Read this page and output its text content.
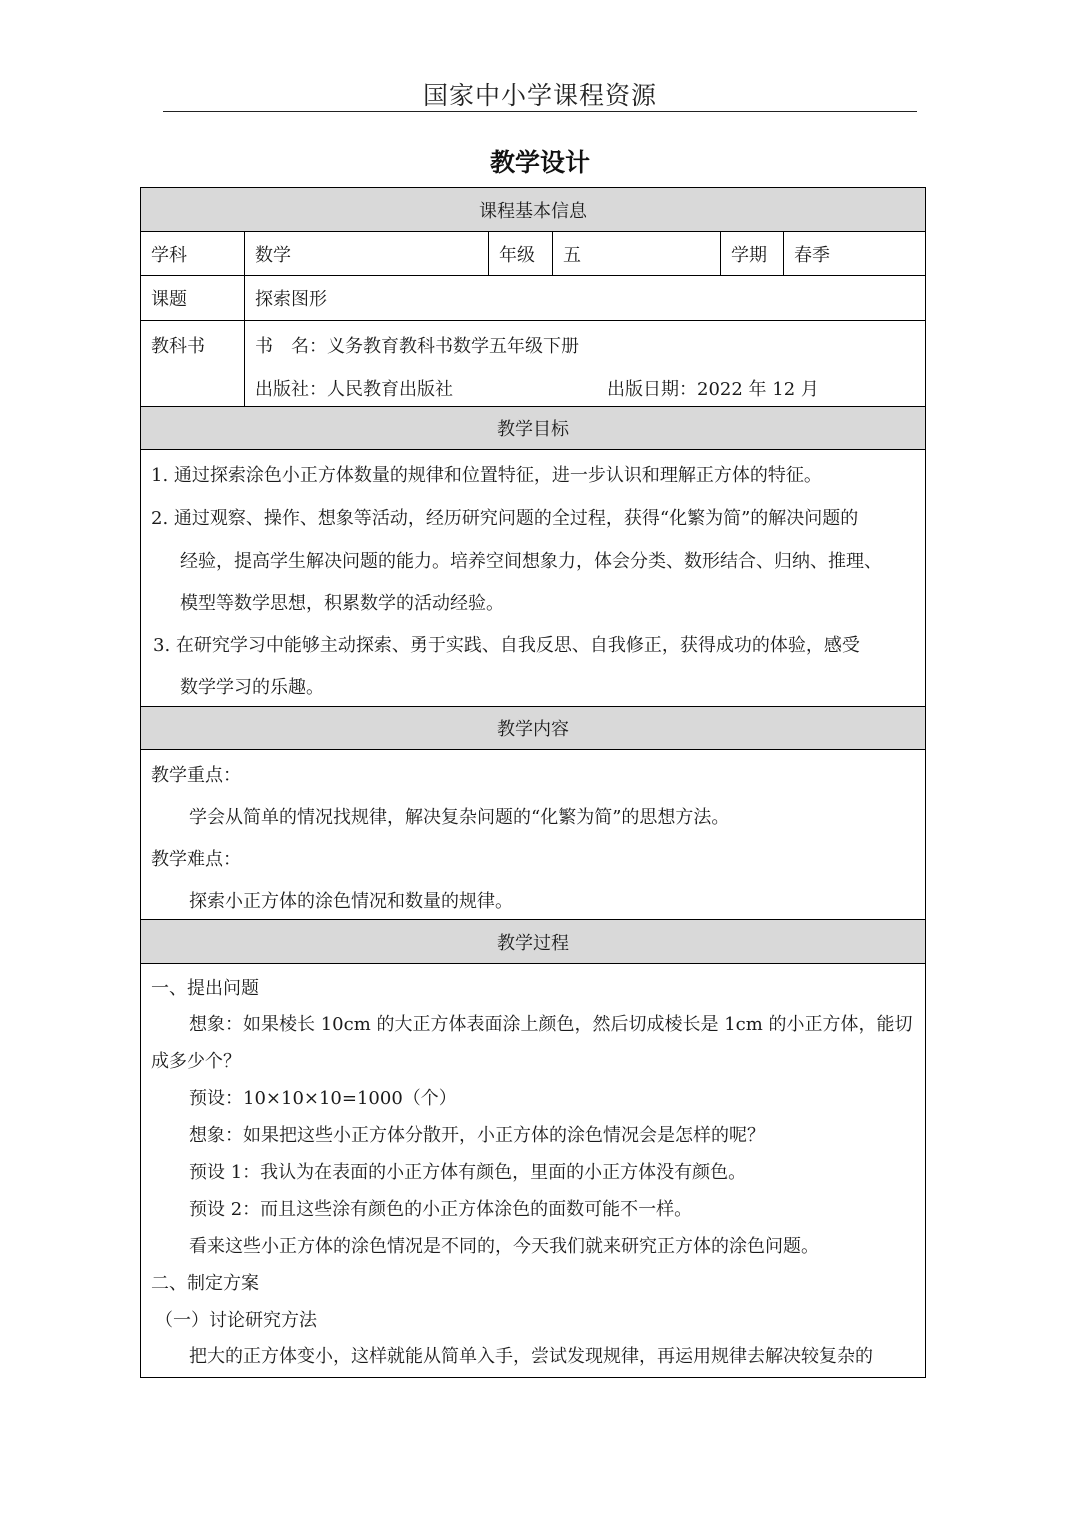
国家中小学课程资源
教学设计
课程基本信息
学科	数学	年级 五	学期 春季
课题	探索图形
教科书	书　名：义务教育教科书数学五年级下册
出版社：人民教育出版社	出版日期：2022 年 12 月
教学目标
1. 通过探索涂色小正方体数量的规律和位置特征，进一步认识和理解正方体的特征。
2. 通过观察、操作、想象等活动，经历研究问题的全过程，获得“化繁为简”的解决问题的
经验，提高学生解决问题的能力。培养空间想象力，体会分类、数形结合、归纳、推理、
模型等数学思想，积累数学的活动经验。
3. 在研究学习中能够主动探索、勇于实践、自我反思、自我修正，获得成功的体验，感受
数学学习的乐趣。
教学内容
教学重点：
学会从简单的情况找规律，解决复杂问题的“化繁为简”的思想方法。
教学难点：
探索小正方体的涂色情况和数量的规律。
教学过程
一、提出问题
想象：如果棱长 10cm 的大正方体表面涂上颜色，然后切成棱长是 1cm 的小正方体，能切
成多少个？
预设：10×10×10=1000（个）
想象：如果把这些小正方体分散开，小正方体的涂色情况会是怎样的呢？
预设 1：我认为在表面的小正方体有颜色，里面的小正方体没有颜色。
预设 2：而且这些涂有颜色的小正方体涂色的面数可能不一样。
看来这些小正方体的涂色情况是不同的，今天我们就来研究正方体的涂色问题。
二、制定方案
（一）讨论研究方法
把大的正方体变小，这样就能从简单入手，尝试发现规律，再运用规律去解决较复杂的
